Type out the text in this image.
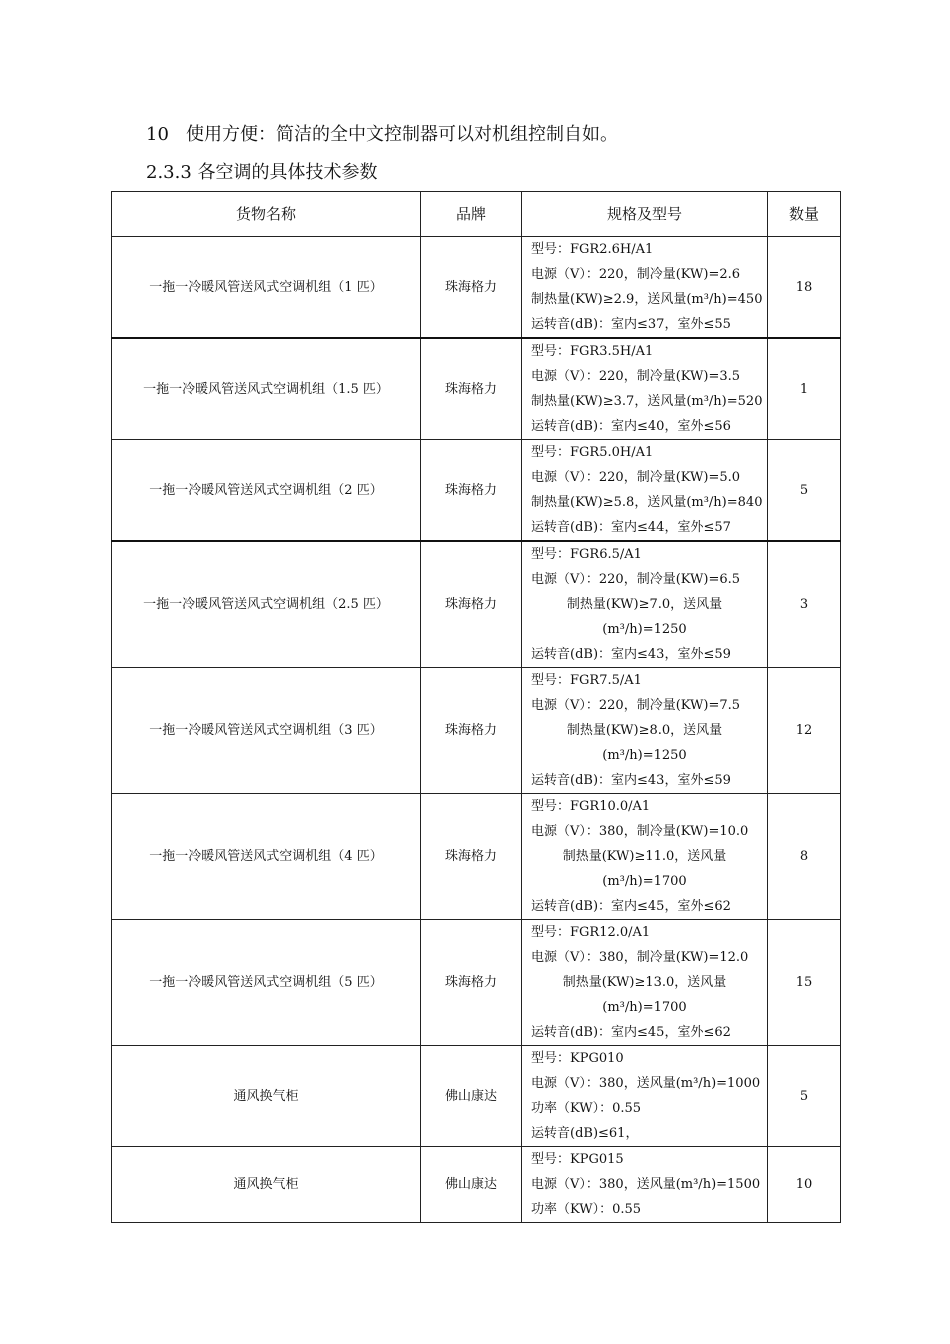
10 使用方便：简洁的全中文控制器可以对机组控制自如。
2.3.3 各空调的具体技术参数
货物名称	品牌	规格及型号	数量
一拖一冷暖风管送风式空调机组（1 匹）	珠海格力	型号：FGR2.6H/A1
电源（V）：220，制冷量(KW)=2.6
制热量(KW)≥2.9，送风量(m³/h)=450
运转音(dB)：室内≤37，室外≤55	18
一拖一冷暖风管送风式空调机组（1.5 匹）	珠海格力	型号：FGR3.5H/A1
电源（V）：220，制冷量(KW)=3.5
制热量(KW)≥3.7，送风量(m³/h)=520
运转音(dB)：室内≤40，室外≤56	1
一拖一冷暖风管送风式空调机组（2 匹）	珠海格力	型号：FGR5.0H/A1
电源（V）：220，制冷量(KW)=5.0
制热量(KW)≥5.8，送风量(m³/h)=840
运转音(dB)：室内≤44，室外≤57	5
一拖一冷暖风管送风式空调机组（2.5 匹）	珠海格力	型号：FGR6.5/A1
电源（V）：220，制冷量(KW)=6.5
制热量(KW)≥7.0，送风量
(m³/h)=1250
运转音(dB)：室内≤43，室外≤59	3
一拖一冷暖风管送风式空调机组（3 匹）	珠海格力	型号：FGR7.5/A1
电源（V）：220，制冷量(KW)=7.5
制热量(KW)≥8.0，送风量
(m³/h)=1250
运转音(dB)：室内≤43，室外≤59	12
一拖一冷暖风管送风式空调机组（4 匹）	珠海格力	型号：FGR10.0/A1
电源（V）：380，制冷量(KW)=10.0
制热量(KW)≥11.0，送风量
(m³/h)=1700
运转音(dB)：室内≤45，室外≤62	8
一拖一冷暖风管送风式空调机组（5 匹）	珠海格力	型号：FGR12.0/A1
电源（V）：380，制冷量(KW)=12.0
制热量(KW)≥13.0，送风量
(m³/h)=1700
运转音(dB)：室内≤45，室外≤62	15
通风换气柜	佛山康达	型号：KPG010
电源（V）：380，送风量(m³/h)=1000
功率（KW）：0.55
运转音(dB)≤61，	5
通风换气柜	佛山康达	型号：KPG015
电源（V）：380，送风量(m³/h)=1500
功率（KW）：0.55	10
